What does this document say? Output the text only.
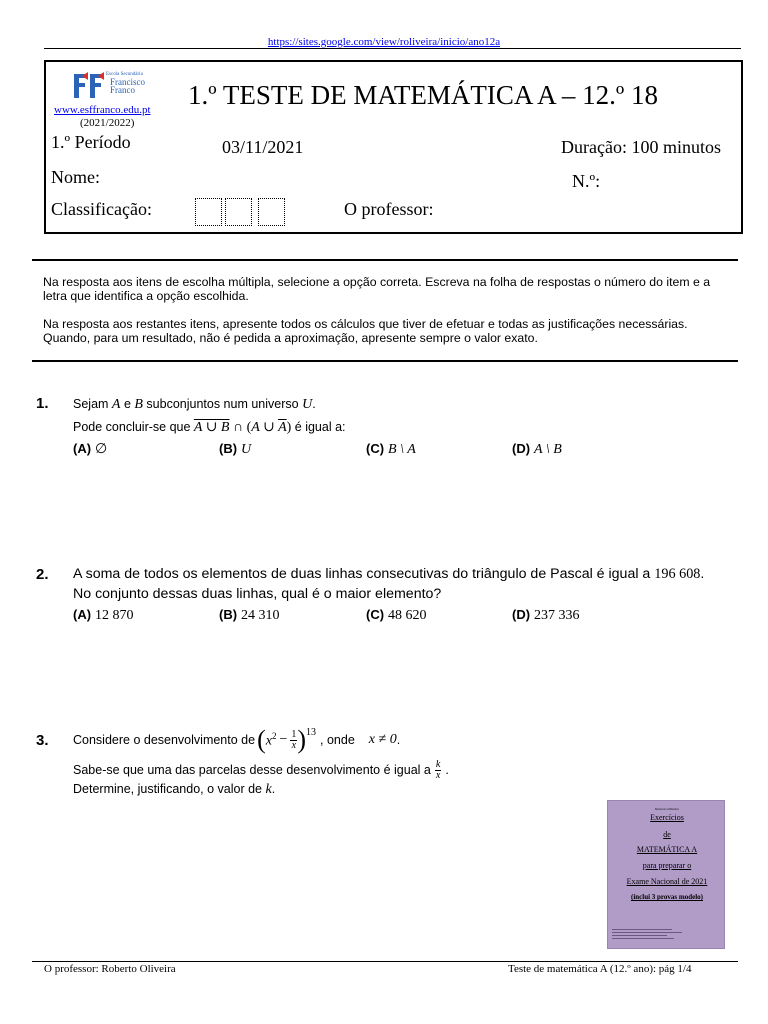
https://sites.google.com/view/roliveira/inicio/ano12a
Escola Secundária
Francisco Franco
www.esffranco.edu.pt
(2021/2022)
1.º TESTE DE MATEMÁTICA A – 12.º 18
1.º Período	03/11/2021	Duração: 100 minutos
Nome:	N.º:
Classificação:	O professor:
Na resposta aos itens de escolha múltipla, selecione a opção correta. Escreva na folha de respostas o número do item e a letra que identifica a opção escolhida.
Na resposta aos restantes itens, apresente todos os cálculos que tiver de efetuar e todas as justificações necessárias. Quando, para um resultado, não é pedida a aproximação, apresente sempre o valor exato.
1. Sejam A e B subconjuntos num universo U.
Pode concluir-se que A ∪ B ∩ (A ∪ $\overline{A}$) é igual a:
(A) ∅	(B) U	(C) B \ A	(D) A \ B
2. A soma de todos os elementos de duas linhas consecutivas do triângulo de Pascal é igual a 196 608.
No conjunto dessas duas linhas, qual é o maior elemento?
(A) 12 870	(B) 24 310	(C) 48 620	(D) 237 336
3. Considere o desenvolvimento de ( $x^2 - \frac{1}{x} )^{13}$
, onde x ≠ 0 .
Sabe-se que uma das parcelas desse desenvolvimento é igual a $\frac{k}{x}$ .
Determine, justificando, o valor de k.
Roberto Oliveira
Exercícios
de
MATEMÁTICA A
para preparar o
Exame Nacional de 2021
(inclui 3 provas modelo)
O professor: Roberto Oliveira	Teste de matemática A (12.º ano): pág 1/4
